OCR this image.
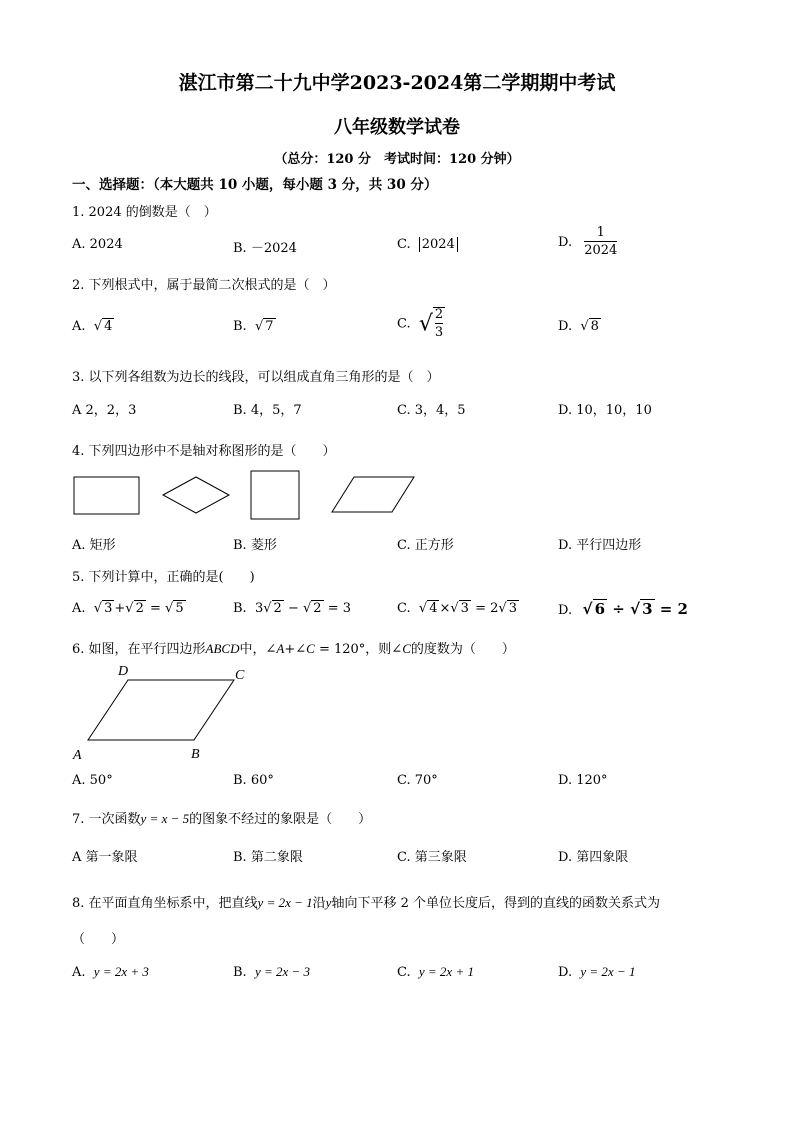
湛江市第二十九中学2023-2024第二学期期中考试
八年级数学试卷
（总分：120 分　考试时间：120 分钟）
一、选择题：（本大题共 10 小题，每小题 3 分，共 30 分）
1. 2024 的倒数是（　）
A. 2024	B. －2024	C. 2024	D. $\frac{1}{2024}$
2. 下列根式中，属于最简二次根式的是（　）
A. √ 4	B. √ 7	C. √ $\frac{2}{3}$	D. √ 8
3. 以下列各组数为边长的线段，可以组成直角三角形的是（　）
A 2，2，3	B. 4，5，7	C. 3，4，5	D. 10，10，10
4. 下列四边形中不是轴对称图形的是（　　）
A. 矩形	B. 菱形	C. 正方形	D. 平行四边形
5. 下列计算中，正确的是(　　)
A. √ 3 +√ 2 = √ 5	B. 3√ 2 − √ 2 = 3	C. √ 4 ×√ 3 = 2√ 3	D. √ 6 ÷ √ 3 = 2
6. 如图，在平行四边形ABCD中，∠A+∠C = 120°，则∠C的度数为（　　）
D	C
A	B
A. 50°	B. 60°	C. 70°	D. 120°
7. 一次函数y = x − 5的图象不经过的象限是（　　）
A 第一象限	B. 第二象限	C. 第三象限	D. 第四象限
8. 在平面直角坐标系中，把直线y = 2x − 1沿y轴向下平移 2 个单位长度后，得到的直线的函数关系式为
（　　）
A. y = 2x + 3	B. y = 2x − 3	C. y = 2x + 1	D. y = 2x − 1
